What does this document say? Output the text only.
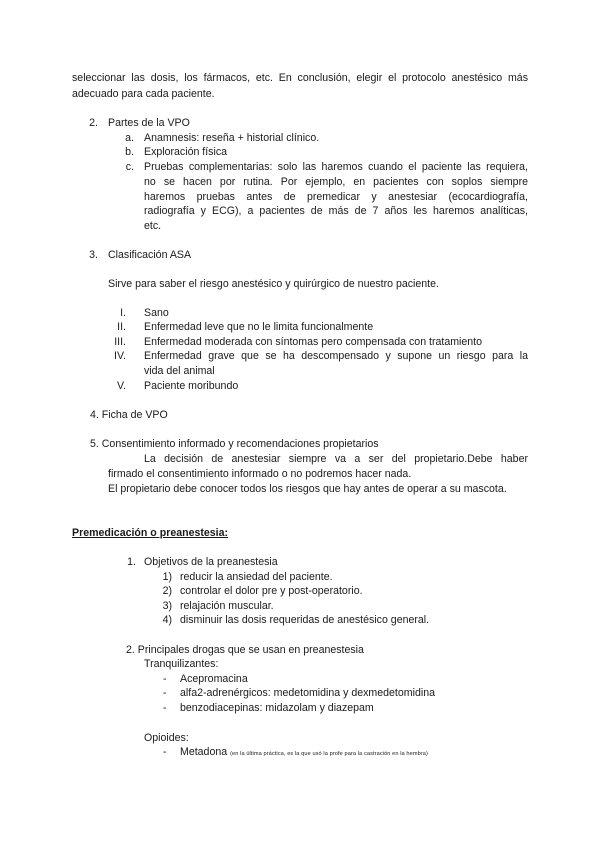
seleccionar las dosis, los fármacos, etc. En conclusión, elegir el protocolo anestésico más
adecuado para cada paciente.
2. Partes de la VPO
a. Anamnesis: reseña + historial clínico.
b. Exploración física
c. Pruebas complementarias: solo las haremos cuando el paciente las requiera,
no se hacen por rutina. Por ejemplo, en pacientes con soplos siempre
haremos pruebas antes de premedicar y anestesiar (ecocardiografía,
radiografía y ECG), a pacientes de más de 7 años les haremos analíticas,
etc.
3. Clasificación ASA
Sirve para saber el riesgo anestésico y quirúrgico de nuestro paciente.
I. Sano
II. Enfermedad leve que no le limita funcionalmente
III. Enfermedad moderada con síntomas pero compensada con tratamiento
IV. Enfermedad grave que se ha descompensado y supone un riesgo para la
vida del animal
V. Paciente moribundo
4. Ficha de VPO
5. Consentimiento informado y recomendaciones propietarios
La decisión de anestesiar siempre va a ser del propietario.Debe haber
firmado el consentimiento informado o no podremos hacer nada.
El propietario debe conocer todos los riesgos que hay antes de operar a su mascota.
Premedicación o preanestesia:
1. Objetivos de la preanestesia
1) reducir la ansiedad del paciente.
2) controlar el dolor pre y post-operatorio.
3) relajación muscular.
4) disminuir las dosis requeridas de anestésico general.
2. Principales drogas que se usan en preanestesia
Tranquilizantes:
- Acepromacina
- alfa2-adrenérgicos: medetomidina y dexmedetomidina
- benzodiacepinas: midazolam y diazepam
Opioides:
- Metadona (en la última práctica, es la que usó la profe para la castración en la hembra)
